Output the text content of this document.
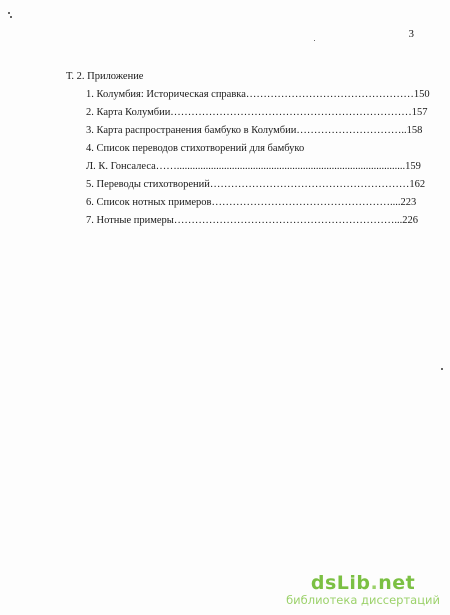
3
Т. 2. Приложение
1. Колумбия: Историческая справка…………………………………………150
2. Карта Колумбии……………………………………………………………157
3. Карта распространения бамбуко в Колумбии…………………………..158
4. Список переводов стихотворений для бамбуко
Л. К. Гонсалеса…….......................................................................................159
5. Переводы стихотворений…………………………………………………162
6. Список нотных примеров……………………………………………....223
7. Нотные примеры………………………………………………………...226
dsLib.net
библиотека диссертаций
